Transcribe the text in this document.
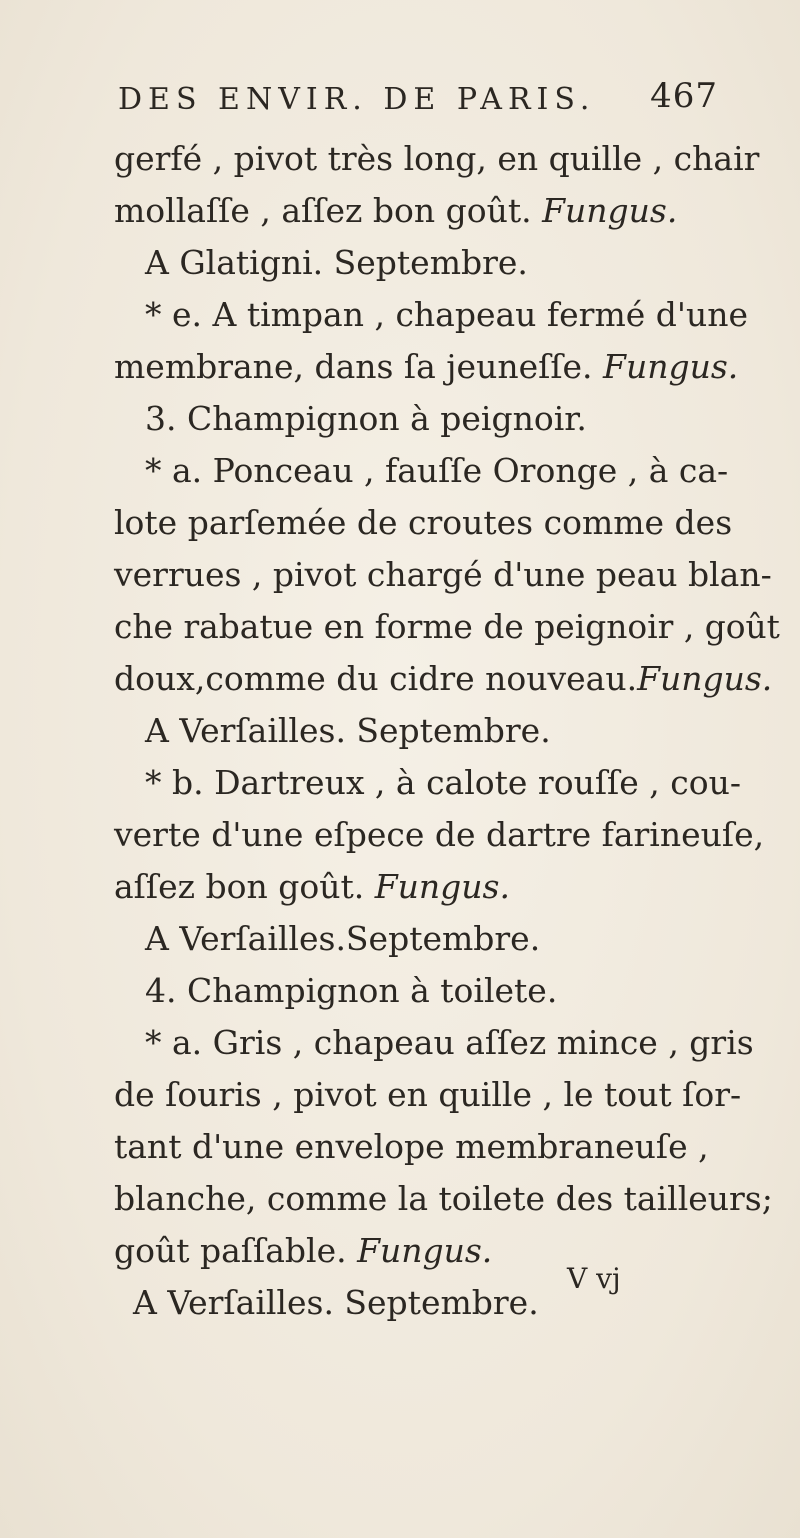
DES ENVIR. DE PARIS. 467
gerfé , pivot très long, en quille , chair
mollaſſe , aſſez bon goût. Fungus.
A Glatigni. Septembre.
* e. A timpan , chapeau fermé d'une
membrane, dans ſa jeuneſſe. Fungus.
3. Champignon à peignoir.
* a. Ponceau , fauſſe Oronge , à ca-
lote parſemée de croutes comme des
verrues , pivot chargé d'une peau blan-
che rabatue en forme de peignoir , goût
doux,comme du cidre nouveau.Fungus.
A Verſailles. Septembre.
* b. Dartreux , à calote rouſſe , cou-
verte d'une eſpece de dartre farineuſe,
aſſez bon goût. Fungus.
A Verſailles.Septembre.
4. Champignon à toilete.
* a. Gris , chapeau aſſez mince , gris
de ſouris , pivot en quille , le tout ſor-
tant d'une envelope membraneuſe ,
blanche, comme la toilete des tailleurs;
goût paſſable. Fungus.
A Verſailles. Septembre.
V vj
